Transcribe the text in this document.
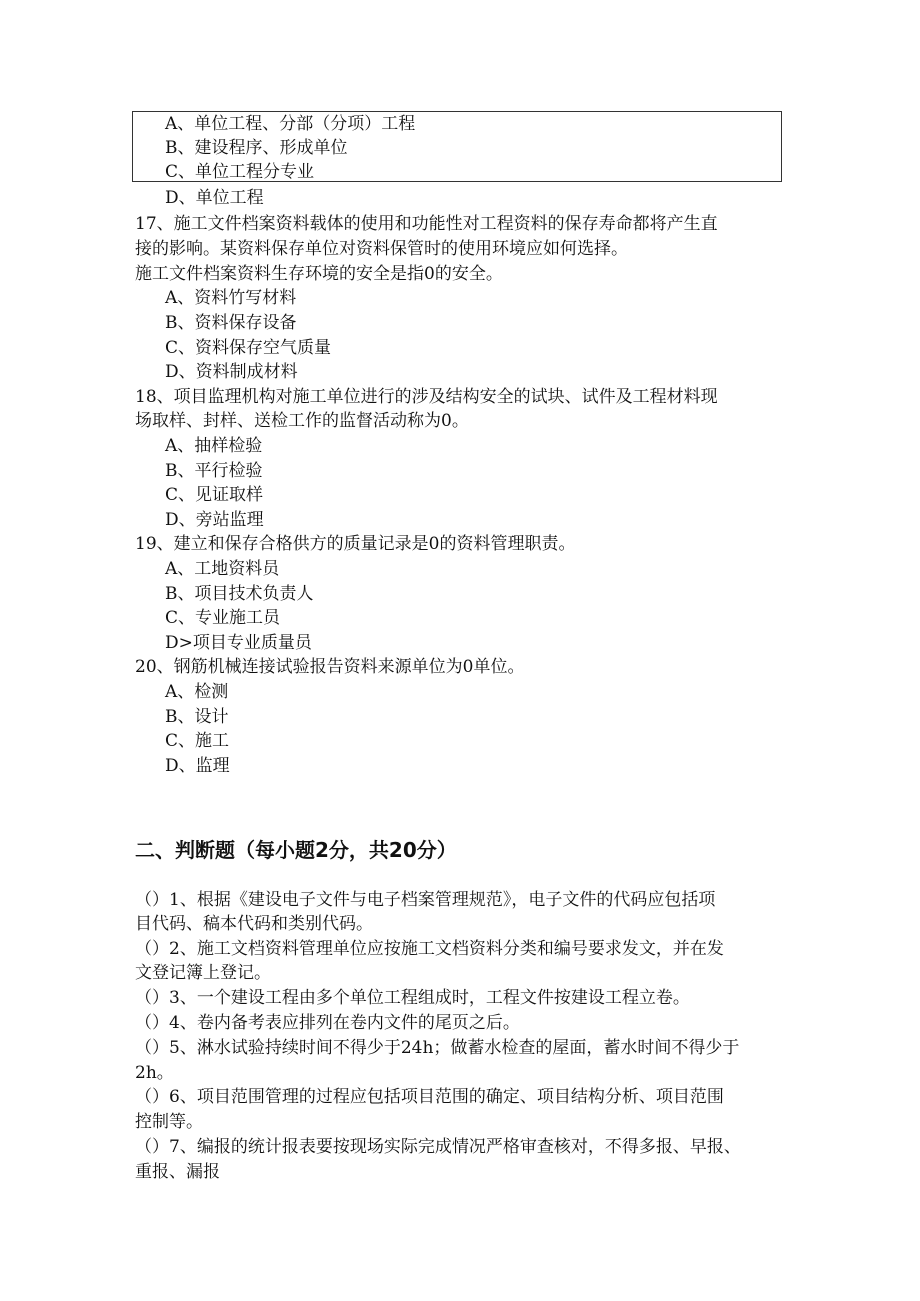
A、单位工程、分部（分项）工程
B、建设程序、形成单位
C、单位工程分专业
D、单位工程
17、施工文件档案资料载体的使用和功能性对工程资料的保存寿命都将产生直
接的影响。某资料保存单位对资料保管时的使用环境应如何选择。
施工文件档案资料生存环境的安全是指0的安全。
A、资料竹写材料
B、资料保存设备
C、资料保存空气质量
D、资料制成材料
18、项目监理机构对施工单位进行的涉及结构安全的试块、试件及工程材料现
场取样、封样、送检工作的监督活动称为0。
A、抽样检验
B、平行检验
C、见证取样
D、旁站监理
19、建立和保存合格供方的质量记录是0的资料管理职责。
A、工地资料员
B、项目技术负责人
C、专业施工员
D>项目专业质量员
20、钢筋机械连接试验报告资料来源单位为0单位。
A、检测
B、设计
C、施工
D、监理
二、判断题（每小题2分，共20分）
（）1、根据《建设电子文件与电子档案管理规范》，电子文件的代码应包括项
目代码、稿本代码和类别代码。
（）2、施工文档资料管理单位应按施工文档资料分类和编号要求发文，并在发
文登记簿上登记。
（）3、一个建设工程由多个单位工程组成时，工程文件按建设工程立卷。
（）4、卷内备考表应排列在卷内文件的尾页之后。
（）5、淋水试验持续时间不得少于24h；做蓄水检查的屋面，蓄水时间不得少于
2h。
（）6、项目范围管理的过程应包括项目范围的确定、项目结构分析、项目范围
控制等。
（）7、编报的统计报表要按现场实际完成情况严格审查核对，不得多报、早报、
重报、漏报
